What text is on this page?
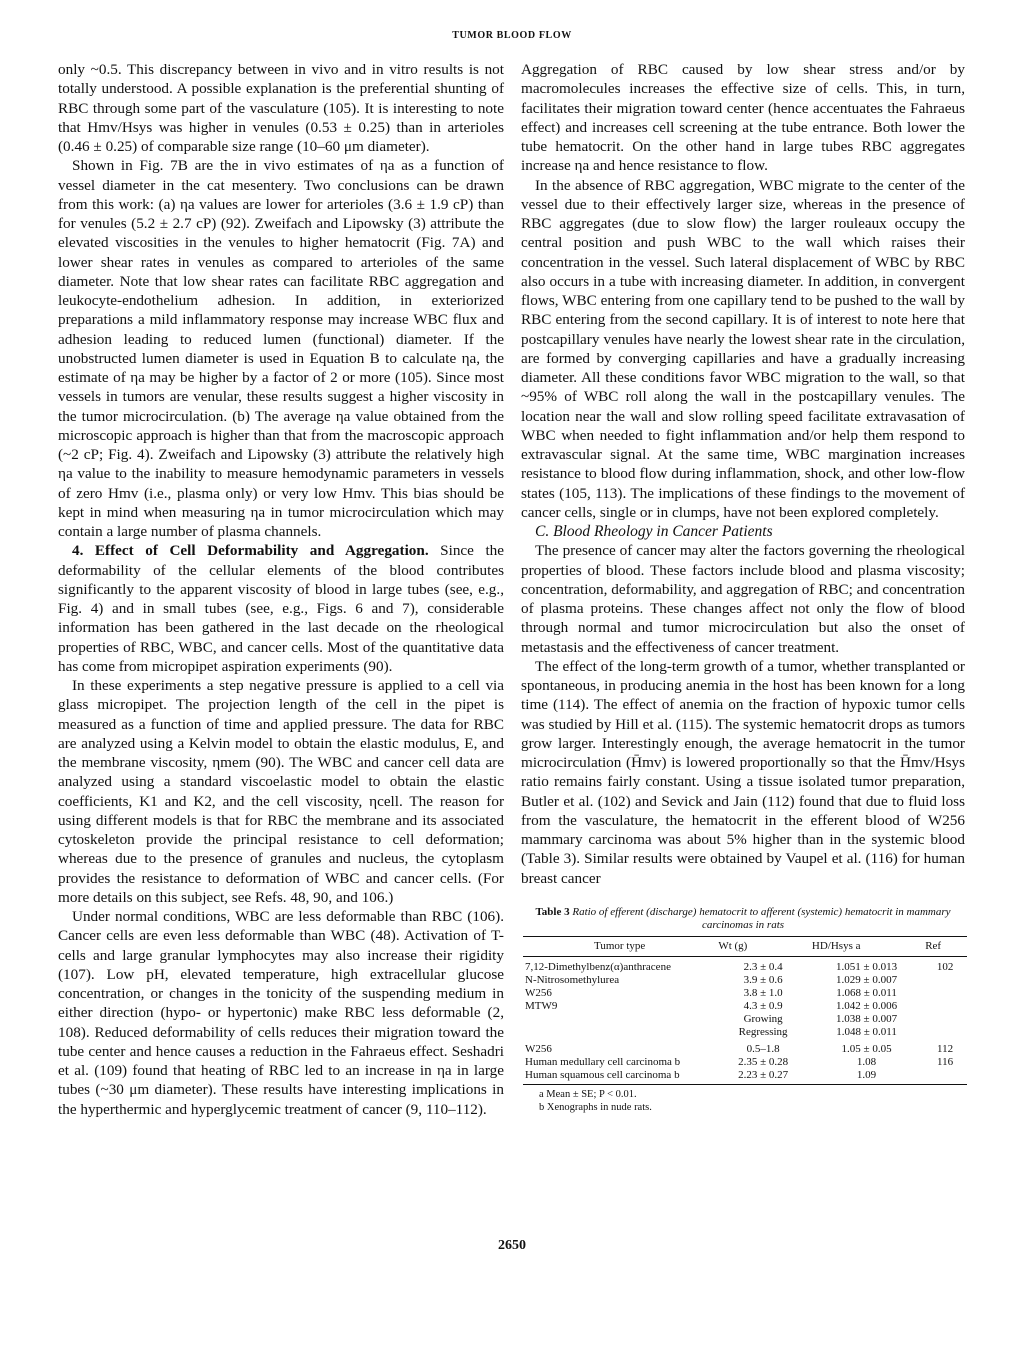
TUMOR BLOOD FLOW

only ~0.5. This discrepancy between in vivo and in vitro results is not totally understood. A possible explanation is the preferential shunting of RBC through some part of the vasculature (105). It is interesting to note that Hmv/Hsys was higher in venules (0.53 ± 0.25) than in arterioles (0.46 ± 0.25) of comparable size range (10–60 μm diameter).

Shown in Fig. 7B are the in vivo estimates of ηa as a function of vessel diameter in the cat mesentery. Two conclusions can be drawn from this work: (a) ηa values are lower for arterioles (3.6 ± 1.9 cP) than for venules (5.2 ± 2.7 cP) (92). Zweifach and Lipowsky (3) attribute the elevated viscosities in the venules to higher hematocrit (Fig. 7A) and lower shear rates in venules as compared to arterioles of the same diameter. Note that low shear rates can facilitate RBC aggregation and leukocyte-endothelium adhesion. In addition, in exteriorized preparations a mild inflammatory response may increase WBC flux and adhesion leading to reduced lumen (functional) diameter. If the unobstructed lumen diameter is used in Equation B to calculate ηa, the estimate of ηa may be higher by a factor of 2 or more (105). Since most vessels in tumors are venular, these results suggest a higher viscosity in the tumor microcirculation. (b) The average ηa value obtained from the microscopic approach is higher than that from the macroscopic approach (~2 cP; Fig. 4). Zweifach and Lipowsky (3) attribute the relatively high ηa value to the inability to measure hemodynamic parameters in vessels of zero Hmv (i.e., plasma only) or very low Hmv. This bias should be kept in mind when measuring ηa in tumor microcirculation which may contain a large number of plasma channels.

4. Effect of Cell Deformability and Aggregation. Since the deformability of the cellular elements of the blood contributes significantly to the apparent viscosity of blood in large tubes (see, e.g., Fig. 4) and in small tubes (see, e.g., Figs. 6 and 7), considerable information has been gathered in the last decade on the rheological properties of RBC, WBC, and cancer cells. Most of the quantitative data has come from micropipet aspiration experiments (90).

In these experiments a step negative pressure is applied to a cell via glass micropipet. The projection length of the cell in the pipet is measured as a function of time and applied pressure. The data for RBC are analyzed using a Kelvin model to obtain the elastic modulus, E, and the membrane viscosity, ηmem (90). The WBC and cancer cell data are analyzed using a standard viscoelastic model to obtain the elastic coefficients, K1 and K2, and the cell viscosity, ηcell. The reason for using different models is that for RBC the membrane and its associated cytoskeleton provide the principal resistance to cell deformation; whereas due to the presence of granules and nucleus, the cytoplasm provides the resistance to deformation of WBC and cancer cells. (For more details on this subject, see Refs. 48, 90, and 106.)

Under normal conditions, WBC are less deformable than RBC (106). Cancer cells are even less deformable than WBC (48). Activation of T-cells and large granular lymphocytes may also increase their rigidity (107). Low pH, elevated temperature, high extracellular glucose concentration, or changes in the tonicity of the suspending medium in either direction (hypo- or hypertonic) make RBC less deformable (2, 108). Reduced deformability of cells reduces their migration toward the tube center and hence causes a reduction in the Fahraeus effect. Seshadri et al. (109) found that heating of RBC led to an increase in ηa in large tubes (~30 μm diameter). These results have interesting implications in the hyperthermic and hyperglycemic treatment of cancer (9, 110–112).

Aggregation of RBC caused by low shear stress and/or by macromolecules increases the effective size of cells. This, in turn, facilitates their migration toward center (hence accentuates the Fahraeus effect) and increases cell screening at the tube entrance. Both lower the tube hematocrit. On the other hand in large tubes RBC aggregates increase ηa and hence resistance to flow.

In the absence of RBC aggregation, WBC migrate to the center of the vessel due to their effectively larger size, whereas in the presence of RBC aggregates (due to slow flow) the larger rouleaux occupy the central position and push WBC to the wall which raises their concentration in the vessel. Such lateral displacement of WBC by RBC also occurs in a tube with increasing diameter. In addition, in convergent flows, WBC entering from one capillary tend to be pushed to the wall by RBC entering from the second capillary. It is of interest to note here that postcapillary venules have nearly the lowest shear rate in the circulation, are formed by converging capillaries and have a gradually increasing diameter. All these conditions favor WBC migration to the wall, so that ~95% of WBC roll along the wall in the postcapillary venules. The location near the wall and slow rolling speed facilitate extravasation of WBC when needed to fight inflammation and/or help them respond to extravascular signal. At the same time, WBC margination increases resistance to blood flow during inflammation, shock, and other low-flow states (105, 113). The implications of these findings to the movement of cancer cells, single or in clumps, have not been explored completely.

C. Blood Rheology in Cancer Patients

The presence of cancer may alter the factors governing the rheological properties of blood. These factors include blood and plasma viscosity; concentration, deformability, and aggregation of RBC; and concentration of plasma proteins. These changes affect not only the flow of blood through normal and tumor microcirculation but also the onset of metastasis and the effectiveness of cancer treatment.

The effect of the long-term growth of a tumor, whether transplanted or spontaneous, in producing anemia in the host has been known for a long time (114). The effect of anemia on the fraction of hypoxic tumor cells was studied by Hill et al. (115). The systemic hematocrit drops as tumors grow larger. Interestingly enough, the average hematocrit in the tumor microcirculation (H̄mv) is lowered proportionally so that the H̄mv/Hsys ratio remains fairly constant. Using a tissue isolated tumor preparation, Butler et al. (102) and Sevick and Jain (112) found that due to fluid loss from the vasculature, the hematocrit in the efferent blood of W256 mammary carcinoma was about 5% higher than in the systemic blood (Table 3). Similar results were obtained by Vaupel et al. (116) for human breast cancer

Table 3 Ratio of efferent (discharge) hematocrit to afferent (systemic) hematocrit in mammary carcinomas in rats
Tumor type	Wt (g)	HD/Hsys a	Ref
7,12-Dimethylbenz(α)anthracene	2.3 ± 0.4	1.051 ± 0.013	102
N-Nitrosomethylurea	3.9 ± 0.6	1.029 ± 0.007	
W256	3.8 ± 1.0	1.068 ± 0.011	
MTW9	4.3 ± 0.9	1.042 ± 0.006	
	Growing	1.038 ± 0.007	
	Regressing	1.048 ± 0.011	
W256	0.5–1.8	1.05 ± 0.05	112
Human medullary cell carcinoma b	2.35 ± 0.28	1.08	116
Human squamous cell carcinoma b	2.23 ± 0.27	1.09	
a Mean ± SE; P < 0.01.
b Xenographs in nude rats.
2650
